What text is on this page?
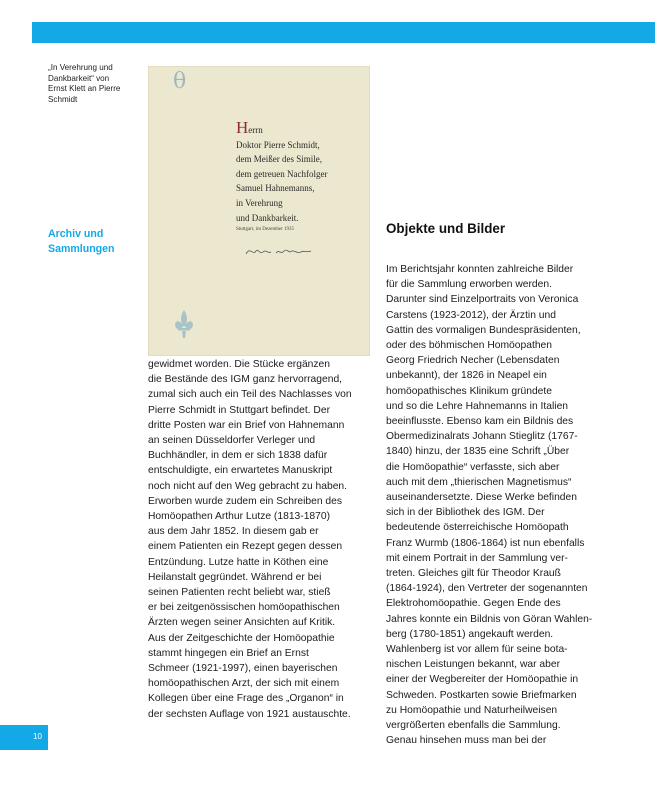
„In Verehrung und
Dankbarkeit“ von
Ernst Klett an Pierre
Schmidt
Archiv und
Sammlungen
θ
Herrn
Doktor Pierre Schmidt,
dem Meißer des Simile,
dem getreuen Nachfolger
Samuel Hahnemanns,
in Verehrung
und Dankbarkeit.
Stuttgart, im Dezember 1935	Objekte und Bilder
gewidmet worden. Die Stücke ergänzen
die Bestände des IGM ganz hervorragend,
zumal sich auch ein Teil des Nachlasses von
Pierre Schmidt in Stuttgart befindet. Der
dritte Posten war ein Brief von Hahnemann
an seinen Düsseldorfer Verleger und
Buchhändler, in dem er sich 1838 dafür
entschuldigte, ein erwartetes Manuskript
noch nicht auf den Weg gebracht zu haben.
Erworben wurde zudem ein Schreiben des
Homöopathen Arthur Lutze (1813-1870)
aus dem Jahr 1852. In diesem gab er
einem Patienten ein Rezept gegen dessen
Entzündung. Lutze hatte in Köthen eine
Heilanstalt gegründet. Während er bei
seinen Patienten recht beliebt war, stieß
er bei zeitgenössischen homöopathischen
Ärzten wegen seiner Ansichten auf Kritik.
Aus der Zeitgeschichte der Homöopathie
stammt hingegen ein Brief an Ernst
Schmeer (1921-1997), einen bayerischen
homöopathischen Arzt, der sich mit einem
Kollegen über eine Frage des „Organon“ in
der sechsten Auflage von 1921 austauschte.
Im Berichtsjahr konnten zahlreiche Bilder
für die Sammlung erworben werden.
Darunter sind Einzelportraits von Veronica
Carstens (1923-2012), der Ärztin und
Gattin des vormaligen Bundespräsidenten,
oder des böhmischen Homöopathen
Georg Friedrich Necher (Lebensdaten
unbekannt), der 1826 in Neapel ein
homöopathisches Klinikum gründete
und so die Lehre Hahnemanns in Italien
beeinflusste. Ebenso kam ein Bildnis des
Obermedizinalrats Johann Stieglitz (1767-
1840) hinzu, der 1835 eine Schrift „Über
die Homöopathie“ verfasste, sich aber
auch mit dem „thierischen Magnetismus“
auseinandersetzte. Diese Werke befinden
sich in der Bibliothek des IGM. Der
bedeutende österreichische Homöopath
Franz Wurmb (1806-1864) ist nun ebenfalls
mit einem Portrait in der Sammlung ver-
treten. Gleiches gilt für Theodor Krauß
(1864-1924), den Vertreter der sogenannten
Elektrohomöopathie. Gegen Ende des
Jahres konnte ein Bildnis von Göran Wahlen-
berg (1780-1851) angekauft werden.
Wahlenberg ist vor allem für seine bota-
nischen Leistungen bekannt, war aber
einer der Wegbereiter der Homöopathie in
Schweden. Postkarten sowie Briefmarken
zu Homöopathie und Naturheilweisen
vergrößerten ebenfalls die Sammlung.
Genau hinsehen muss man bei der
10
